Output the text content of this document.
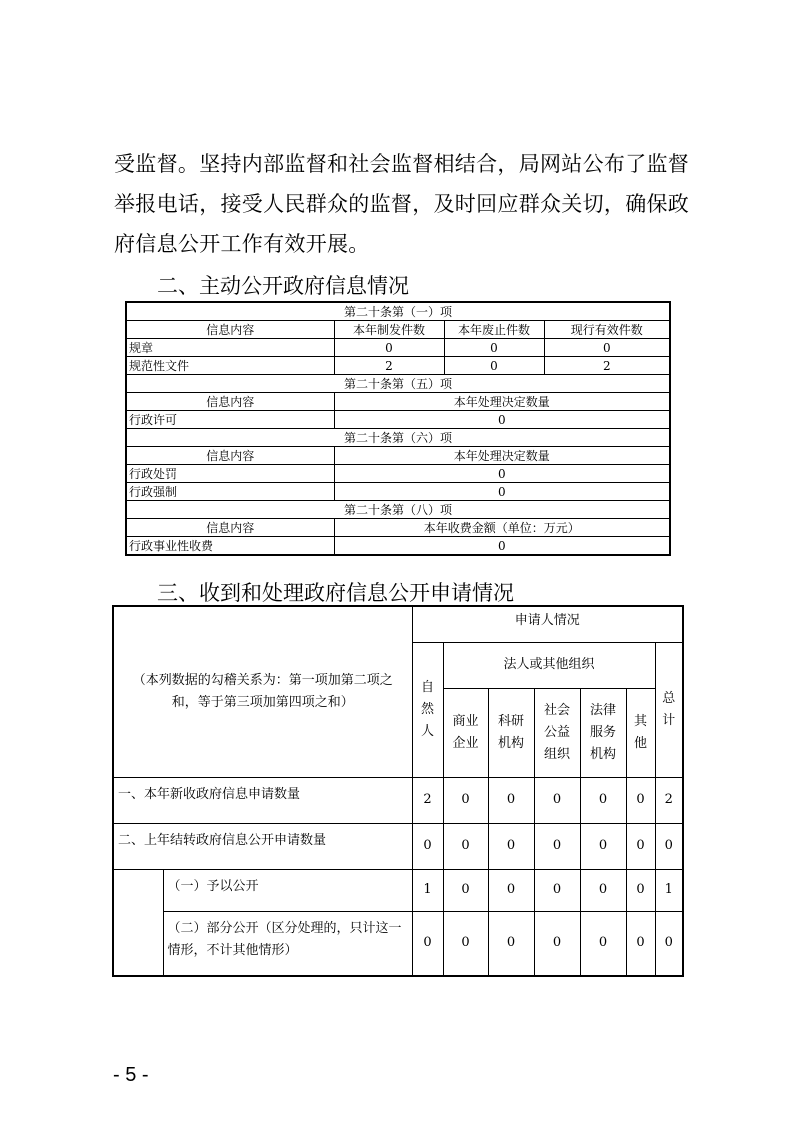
受监督。坚持内部监督和社会监督相结合，局网站公布了监督
举报电话，接受人民群众的监督，及时回应群众关切，确保政
府信息公开工作有效开展。
二、主动公开政府信息情况
第二十条第（一）项			
信息内容	本年制发件数	本年废止件数	现行有效件数
规章	0	0	0
规范性文件	2	0	2
第二十条第（五）项			
信息内容	本年处理决定数量		
行政许可	0		
第二十条第（六）项			
信息内容	本年处理决定数量		
行政处罚	0		
行政强制	0		
第二十条第（八）项			
信息内容	本年收费金额（单位：万元）		
行政事业性收费	0		
三、收到和处理政府信息公开申请情况
（本列数据的勾稽关系为：第一项加第二项之和，等于第三项加第四项之和）		申请人情况						
		自然人	法人或其他组织					总计
			商业企业	科研机构	社会公益组织	法律服务机构	其他	
一、本年新收政府信息申请数量		2	0	0	0	0	0	2
二、上年结转政府信息公开申请数量		0	0	0	0	0	0	0
	（一）予以公开	1	0	0	0	0	0	1
	（二）部分公开（区分处理的，只计这一情形，不计其他情形）	0	0	0	0	0	0	0
- 5 -
